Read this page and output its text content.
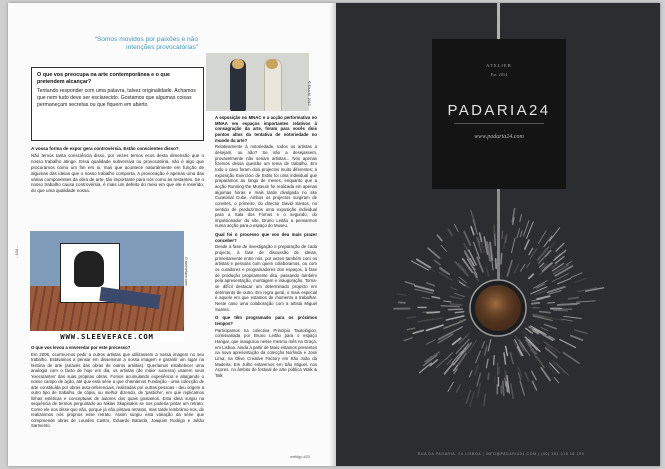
“Somos movidos por paixões e não intenções provocatórias”
O que vos preocupa na arte contemporânea e o que pretendem alcançar?
Tentando responder com uma palavra, talvez originalidade. Achamos que nem tudo deve ser esclarecido. Gostamos que algumas coisas permaneçam secretas ou que fiquem em aberto.	© Elsa M. 2010
A vossa forma de expor gera controvérsia. Estão conscientes disso?

Não temos tanta consciência disso, por vezes temos ecos desta dimensão que o nosso trabalho atinge. Essa qualidade subversiva ou provocatória, não é algo que procuramos como um fim em si, mas que acontece naturalmente em função de algumas das ideias que o nosso trabalho comporta. A provocação é apenas uma das várias componentes da obra de arte, tão importante para nós como as restantes. Se o nosso trabalho causa controvérsia, é mais um defeito do meio em que ele é inserido, do que uma qualidade nossa.

- 104 -
WWW.SLEEVEFACE.COM
© sleeveface.com
O que vos levou a enveredar por este processo?

Em 2006, ocorreu-nos pedir a outros artistas que utilizassem a nossa imagem no seu trabalho. Estávamos a pensar em disseminar a nossa imagem e garantir um lugar na história de arte (através das obras de outros artistas). Queríamos estabelecer uma analogia com o facto de hoje em dia, os artistas (de maior sucesso) usarem seus 'executantes' das suas próprias obras. Fomos acumulando experiência e alargando o nosso campo de ação, até que esta série a que chamámos Fundação - uma colecção de arte constituída por obras auto-referenciais, realizadas por outras pessoas - deu origem a outro tipo de trabalho, de cópia, ou melhor dizendo, de 'pastiche', em que replicamos linhas estéticas e conceptuais de autores dos quais gostamos. Esta ideia surgiu na sequência de termos perguntado ao Nikias Skapinakis se nos poderia pintar um retrato. Como ele nos disse que não, porque já não pintava retratos, mas tarde lembrámo-nos, de realizarmos nós próprios esse retrato. Assim surgiu esta variação da série que compreende obras de Lourdes Castro, Eduardo Batarda, Joaquim Rodrigo e Julião Sarmento.

A exposição no MNAC e a acção performativa no MNAA em espaços importantes relativos à consagração da arte, foram para vocês dois pontos altos da tentativa de notoriedade no mundo da arte?

Relativamente à notoriedade, todos os artistas a desejam, ou não? Se não a desejassem, provavelmente não seriam artistas... Nós apenas fizemos dessa questão um tema de trabalho. Em todo o caso foram dois projectos muito diferentes; a exposição Exercício de Estilo foi uma individual que preparámos ao longo de meses, enquanto que a acção Running the Museum foi realizada em apenas algumas horas e mais tarde divulgada no site Curatorial Cube. Ambos os projectos surgiram de convites, o primeiro, do director David Santos, no sentido de produzirmos uma exposição individual para a Sala dos Fornos e o segundo, do impulsionador do site, Bruno Leitão a pensarmos numa acção para o espaço do Museu.

Qual foi o processo que vos deu mais prazer conceber?

Desde a fase de investigação e preparação de cada projecto, à fase de discussão de ideias, primeiramente entre nós, por vezes também com os artistas e pessoas com quem colaboramos, ou com os curadores e programadores dos espaços, à fase de produção propriamente dita, passando também pela apresentação, montagem e inauguração. Torna-se difícil destacar um determinado projecto em detrimento de outro. Em regra geral, o mais especial é aquele em que estamos de momento a trabalhar. Neste caso uma colaboração com a artista Miguel Soares.

O que têm programado para os próximos tempos?

Participamos na colectiva Princípio Tautológico, comissariada por Bruno Leitão para o espaço Hangar, que inaugurou nesse mesmo mês na Graça, em Lisboa. Ainda a partir de Maio estamos presentes na nova apresentação da colecção Norlinda e José Lima; na Olive Creative Factory em São João da Madeira. Em Julho estaremos em São Miguel, nos Açores, no âmbito do festival de arte pública Walk & Talk

umbigo #33
ATELIER
Est. 2014
PADARIA24
www.padaria24.com
RUA DA PADARIA, 24 LISBOA | INFO@PADARIA24.COM | (00) 351 218 16 199
